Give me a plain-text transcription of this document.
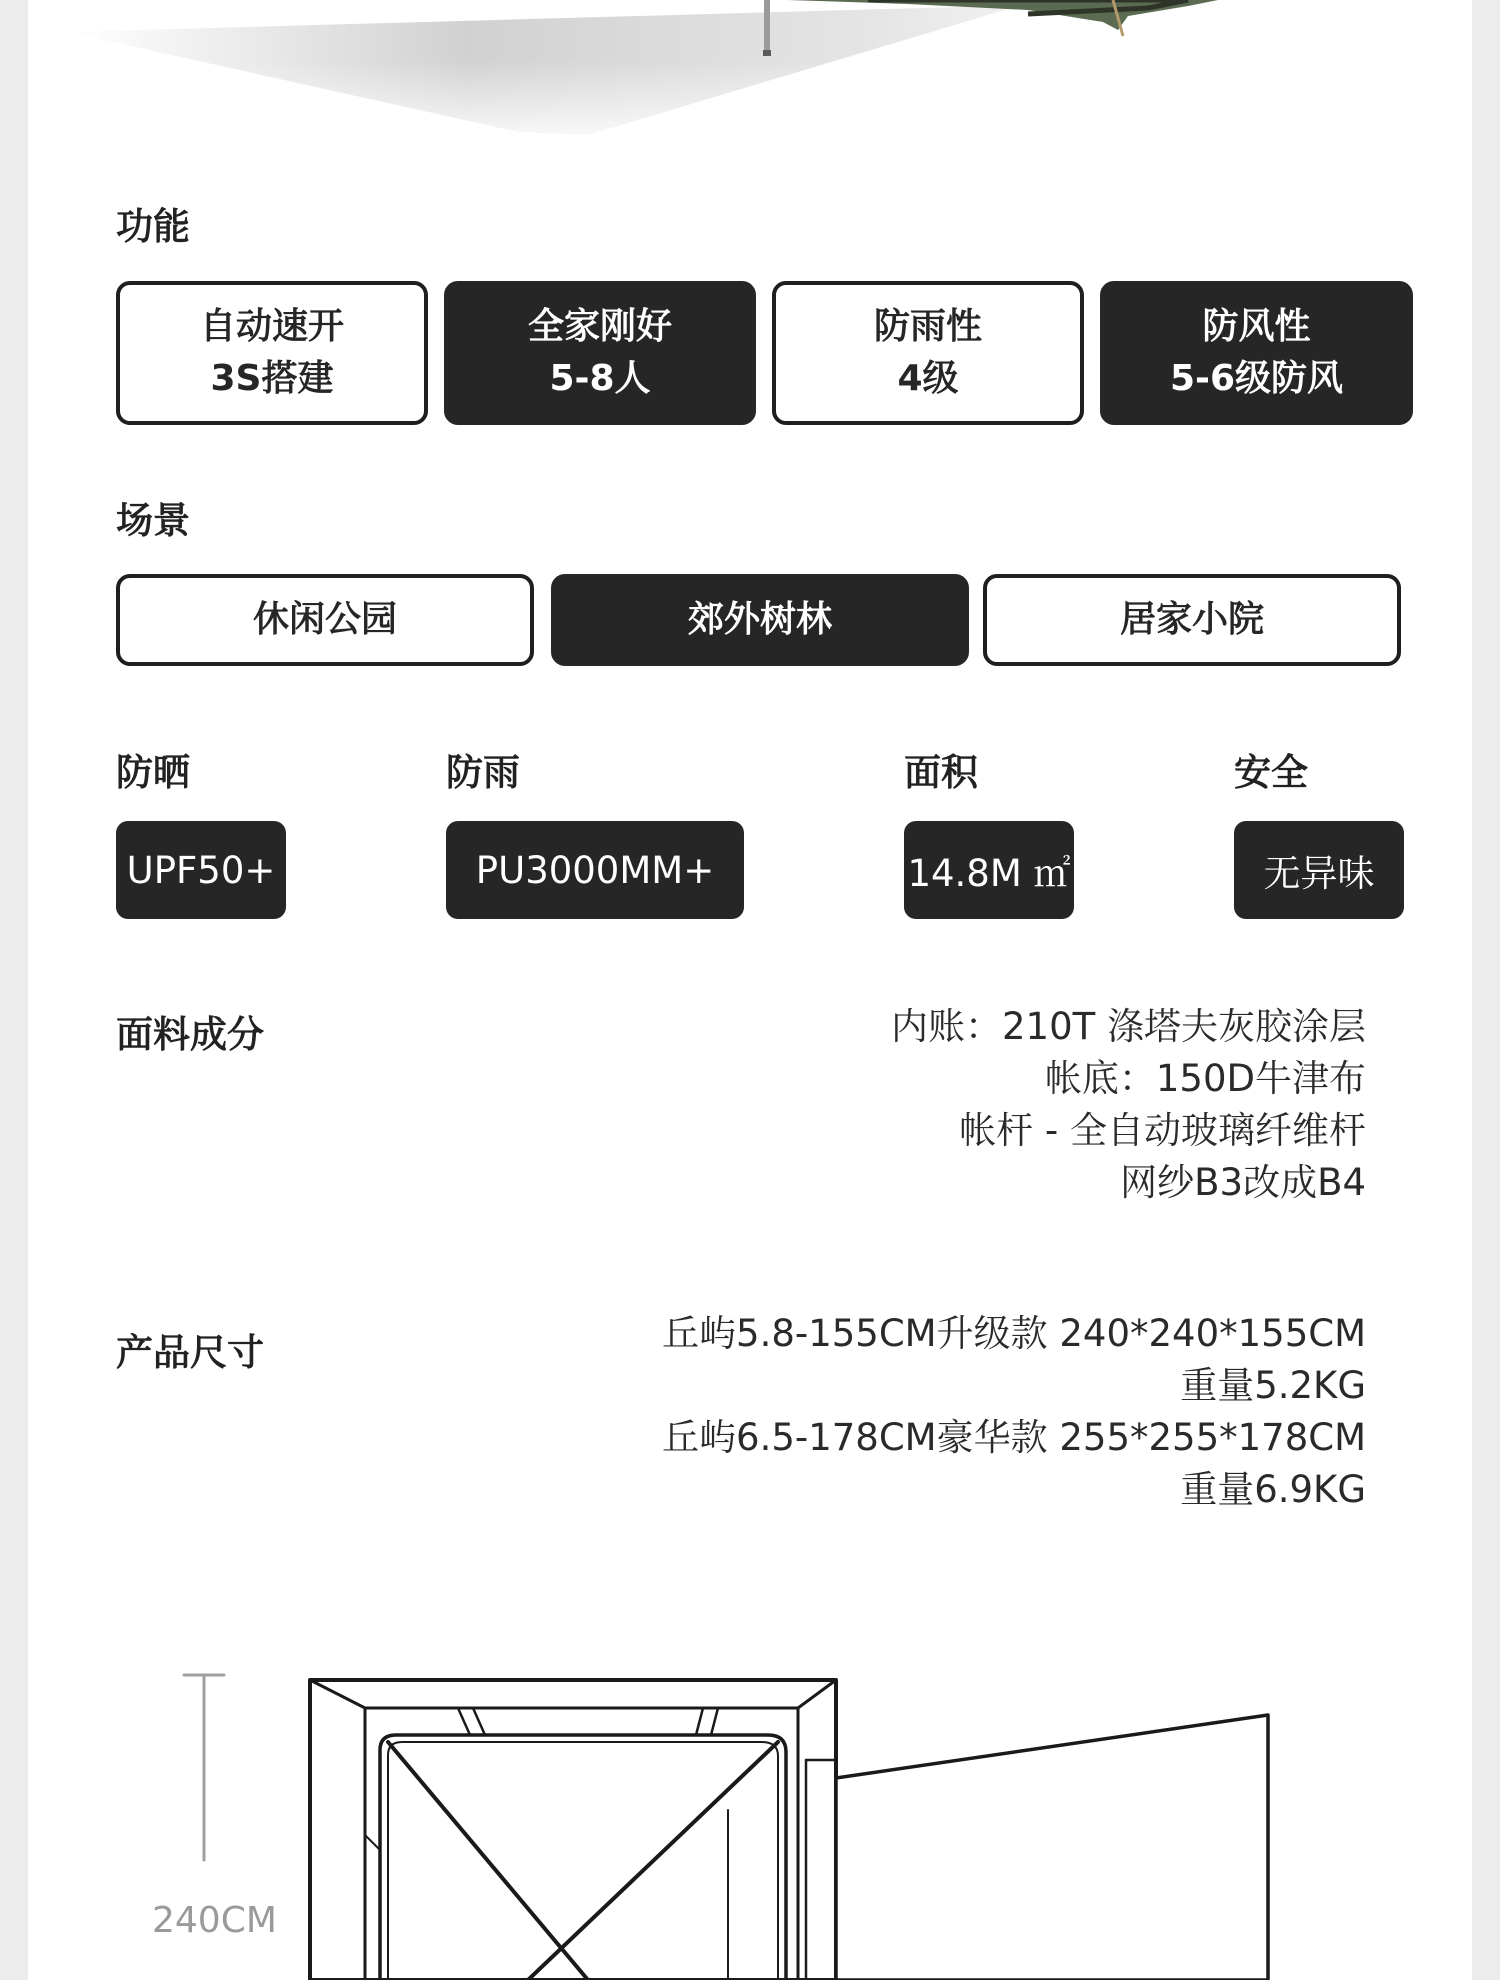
功能
自动速开
3S搭建
全家刚好
5-8人
防雨性
4级
防风性
5-6级防风
场景
休闲公园	郊外树林	居家小院
防晒	防雨	面积	安全
UPF50+	PU3000MM+	14.8M ㎡	无异味
面料成分	内账：210T 涤塔夫灰胶涂层
帐底：150D牛津布
帐杆 - 全自动玻璃纤维杆
网纱B3改成B4
产品尺寸	丘屿5.8-155CM升级款 240*240*155CM
重量5.2KG
丘屿6.5-178CM豪华款 255*255*178CM
重量6.9KG
240CM
